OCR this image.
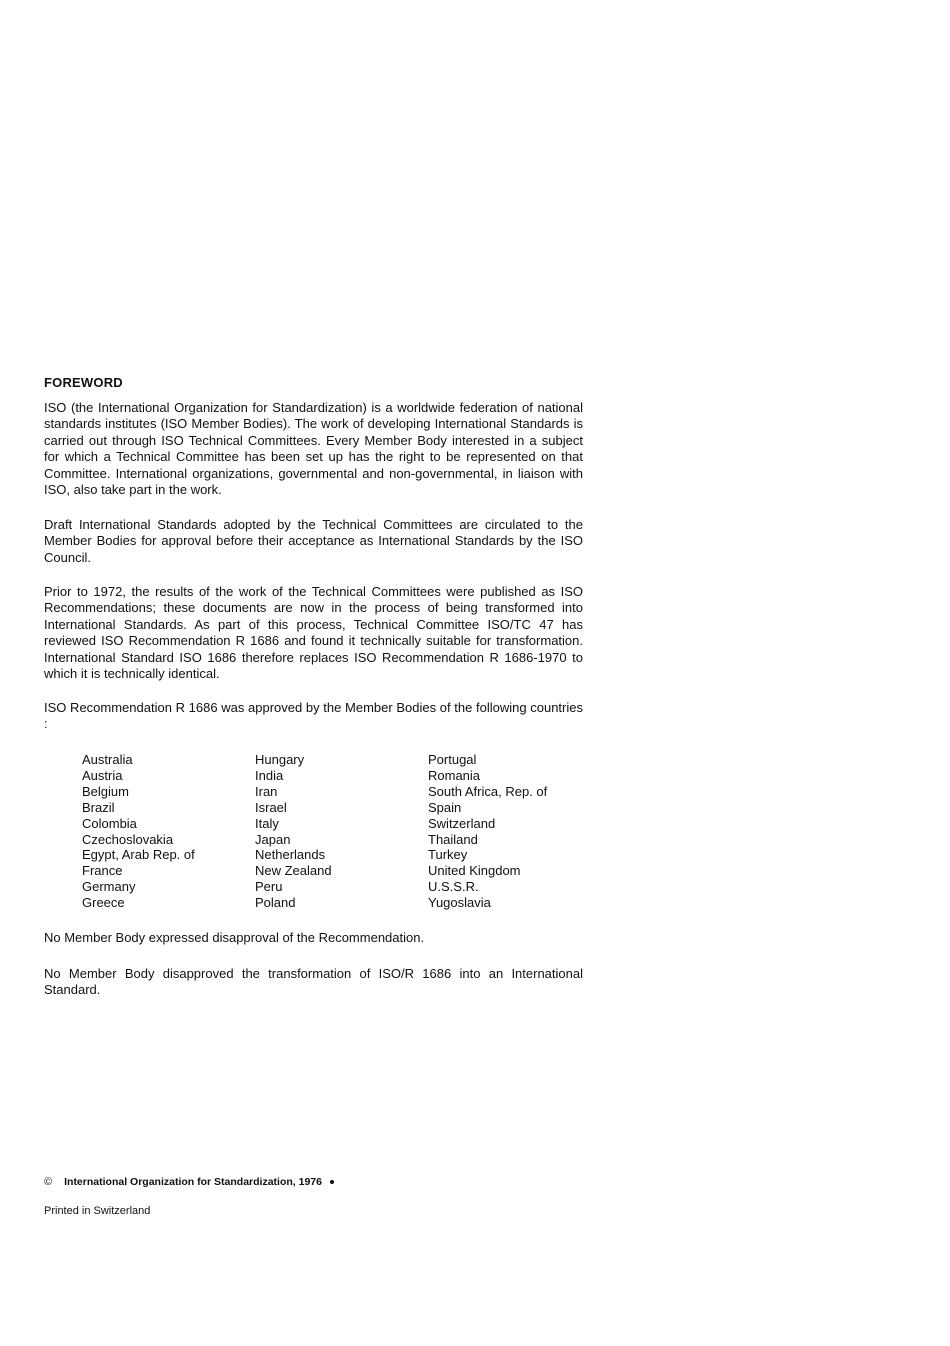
FOREWORD

ISO (the International Organization for Standardization) is a worldwide federation of national standards institutes (ISO Member Bodies). The work of developing International Standards is carried out through ISO Technical Committees. Every Member Body interested in a subject for which a Technical Committee has been set up has the right to be represented on that Committee. International organizations, governmental and non-governmental, in liaison with ISO, also take part in the work.

Draft International Standards adopted by the Technical Committees are circulated to the Member Bodies for approval before their acceptance as International Standards by the ISO Council.

Prior to 1972, the results of the work of the Technical Committees were published as ISO Recommendations; these documents are now in the process of being transformed into International Standards. As part of this process, Technical Committee ISO/TC 47 has reviewed ISO Recommendation R 1686 and found it technically suitable for transformation. International Standard ISO 1686 therefore replaces ISO Recommendation R 1686-1970 to which it is technically identical.

ISO Recommendation R 1686 was approved by the Member Bodies of the following countries :

Australia
Austria
Belgium
Brazil
Colombia
Czechoslovakia
Egypt, Arab Rep. of
France
Germany
Greece
Hungary
India
Iran
Israel
Italy
Japan
Netherlands
New Zealand
Peru
Poland
Portugal
Romania
South Africa, Rep. of
Spain
Switzerland
Thailand
Turkey
United Kingdom
U.S.S.R.
Yugoslavia

No Member Body expressed disapproval of the Recommendation.

No Member Body disapproved the transformation of ISO/R 1686 into an International Standard.

© International Organization for Standardization, 1976
Printed in Switzerland
